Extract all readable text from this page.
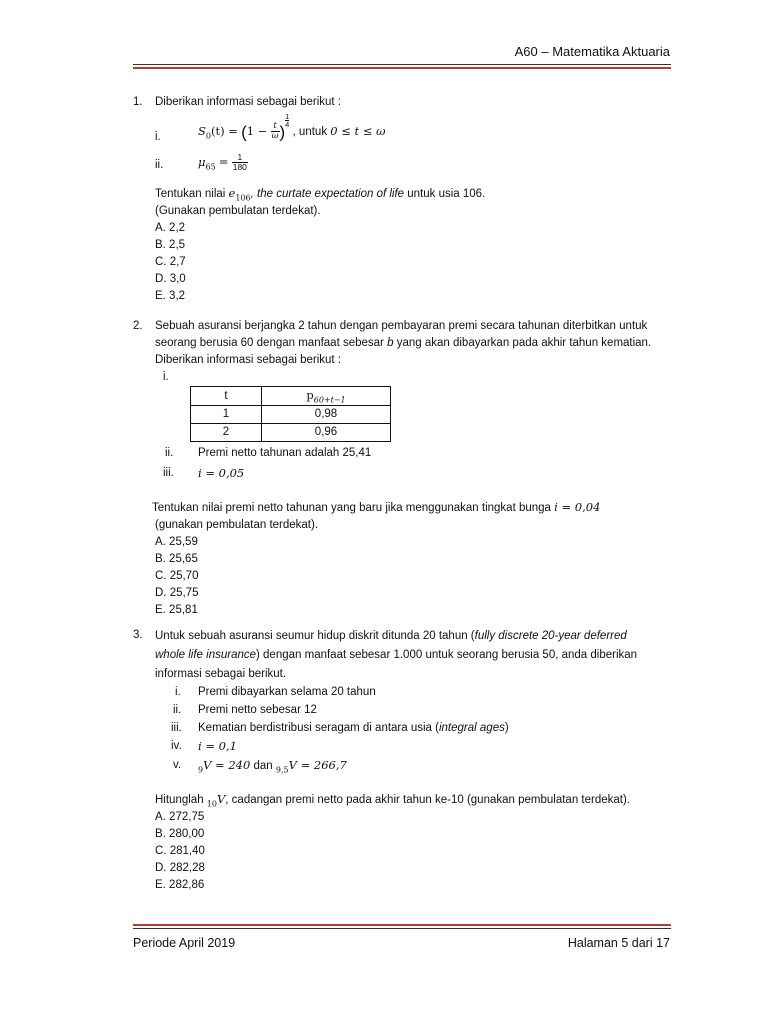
A60 – Matematika Aktuaria
1. Diberikan informasi sebagai berikut :
i.	$S_0(t) = (1 - \frac{t}{\omega}$ )
$\frac{1}{4}$ , untuk 0 ≤ t ≤ ω
ii.	$\mu_{65} = \frac{1}{180}$
Tentukan nilai $e_{106}$, the curtate expectation of life untuk usia 106.
(Gunakan pembulatan terdekat).
A. 2,2
B. 2,5
C. 2,7
D. 3,0
E. 3,2
2. Sebuah asuransi berjangka 2 tahun dengan pembayaran premi secara tahunan diterbitkan untuk
seorang berusia 60 dengan manfaat sebesar b yang akan dibayarkan pada akhir tahun kematian.
Diberikan informasi sebagai berikut :
i.
t	$p_{60+t-1}$
1	0,98
2	0,96
ii. Premi netto tahunan adalah 25,41
iii. i = 0,05
Tentukan nilai premi netto tahunan yang baru jika menggunakan tingkat bunga i = 0,04
(gunakan pembulatan terdekat).
A. 25,59
B. 25,65
C. 25,70
D. 25,75
E. 25,81
3. Untuk sebuah asuransi seumur hidup diskrit ditunda 20 tahun (fully discrete 20-year deferred
whole life insurance) dengan manfaat sebesar 1.000 untuk seorang berusia 50, anda diberikan
informasi sebagai berikut.
i. Premi dibayarkan selama 20 tahun
ii. Premi netto sebesar 12
iii. Kematian berdistribusi seragam di antara usia (integral ages)
iv. i = 0,1
v. $_9$V = 240 dan $_{9,5}$V = 266,7
Hitunglah $_{10}$V, cadangan premi netto pada akhir tahun ke-10 (gunakan pembulatan terdekat).
A. 272,75
B. 280,00
C. 281,40
D. 282,28
E. 282,86
Periode April 2019	Halaman 5 dari 17
